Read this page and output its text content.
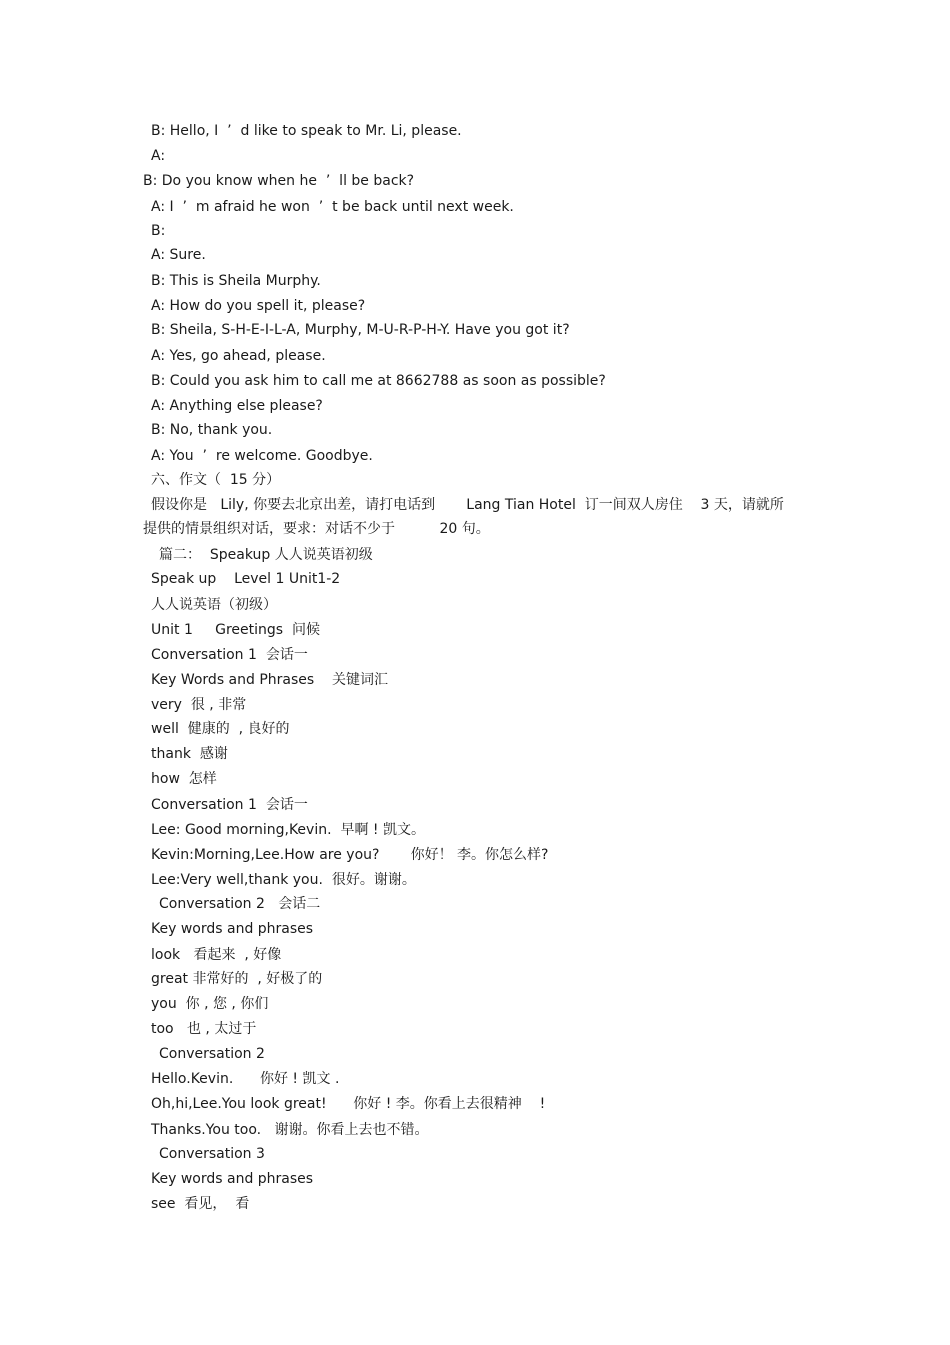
B: Hello, I  ’  d like to speak to Mr. Li, please.
A:
B: Do you know when he  ’  ll be back?
A: I  ’  m afraid he won  ’  t be back until next week.
B:
A: Sure.
B: This is Sheila Murphy.
A: How do you spell it, please?
B: Sheila, S-H-E-I-L-A, Murphy, M-U-R-P-H-Y. Have you got it?
A: Yes, go ahead, please.
B: Could you ask him to call me at 8662788 as soon as possible?
A: Anything else please?
B: No, thank you.
A: You  ’  re welcome. Goodbye.
六、作文（  15 分）
假设你是   Lily, 你要去北京出差，请打电话到       Lang Tian Hotel  订一间双人房住    3 天，请就所
提供的情景组织对话，要求：对话不少于          20 句。
篇二：  Speakup 人人说英语初级
Speak up    Level 1 Unit1-2
人人说英语（初级）
Unit 1     Greetings  问候
Conversation 1  会话一
Key Words and Phrases    关键词汇
very  很 , 非常
well  健康的  , 良好的
thank  感谢
how  怎样
Conversation 1  会话一
Lee: Good morning,Kevin.  早啊 ! 凯文。
Kevin:Morning,Lee.How are you?       你好！ 李。你怎么样?
Lee:Very well,thank you.  很好。谢谢。
Conversation 2   会话二
Key words and phrases
look   看起来  , 好像
great 非常好的  , 好极了的
you  你 , 您 , 你们
too   也 , 太过于
Conversation 2
Hello.Kevin.      你好 ! 凯文 .
Oh,hi,Lee.You look great!      你好 ! 李。你看上去很精神    !
Thanks.You too.   谢谢。你看上去也不错。
Conversation 3
Key words and phrases
see  看见，  看
